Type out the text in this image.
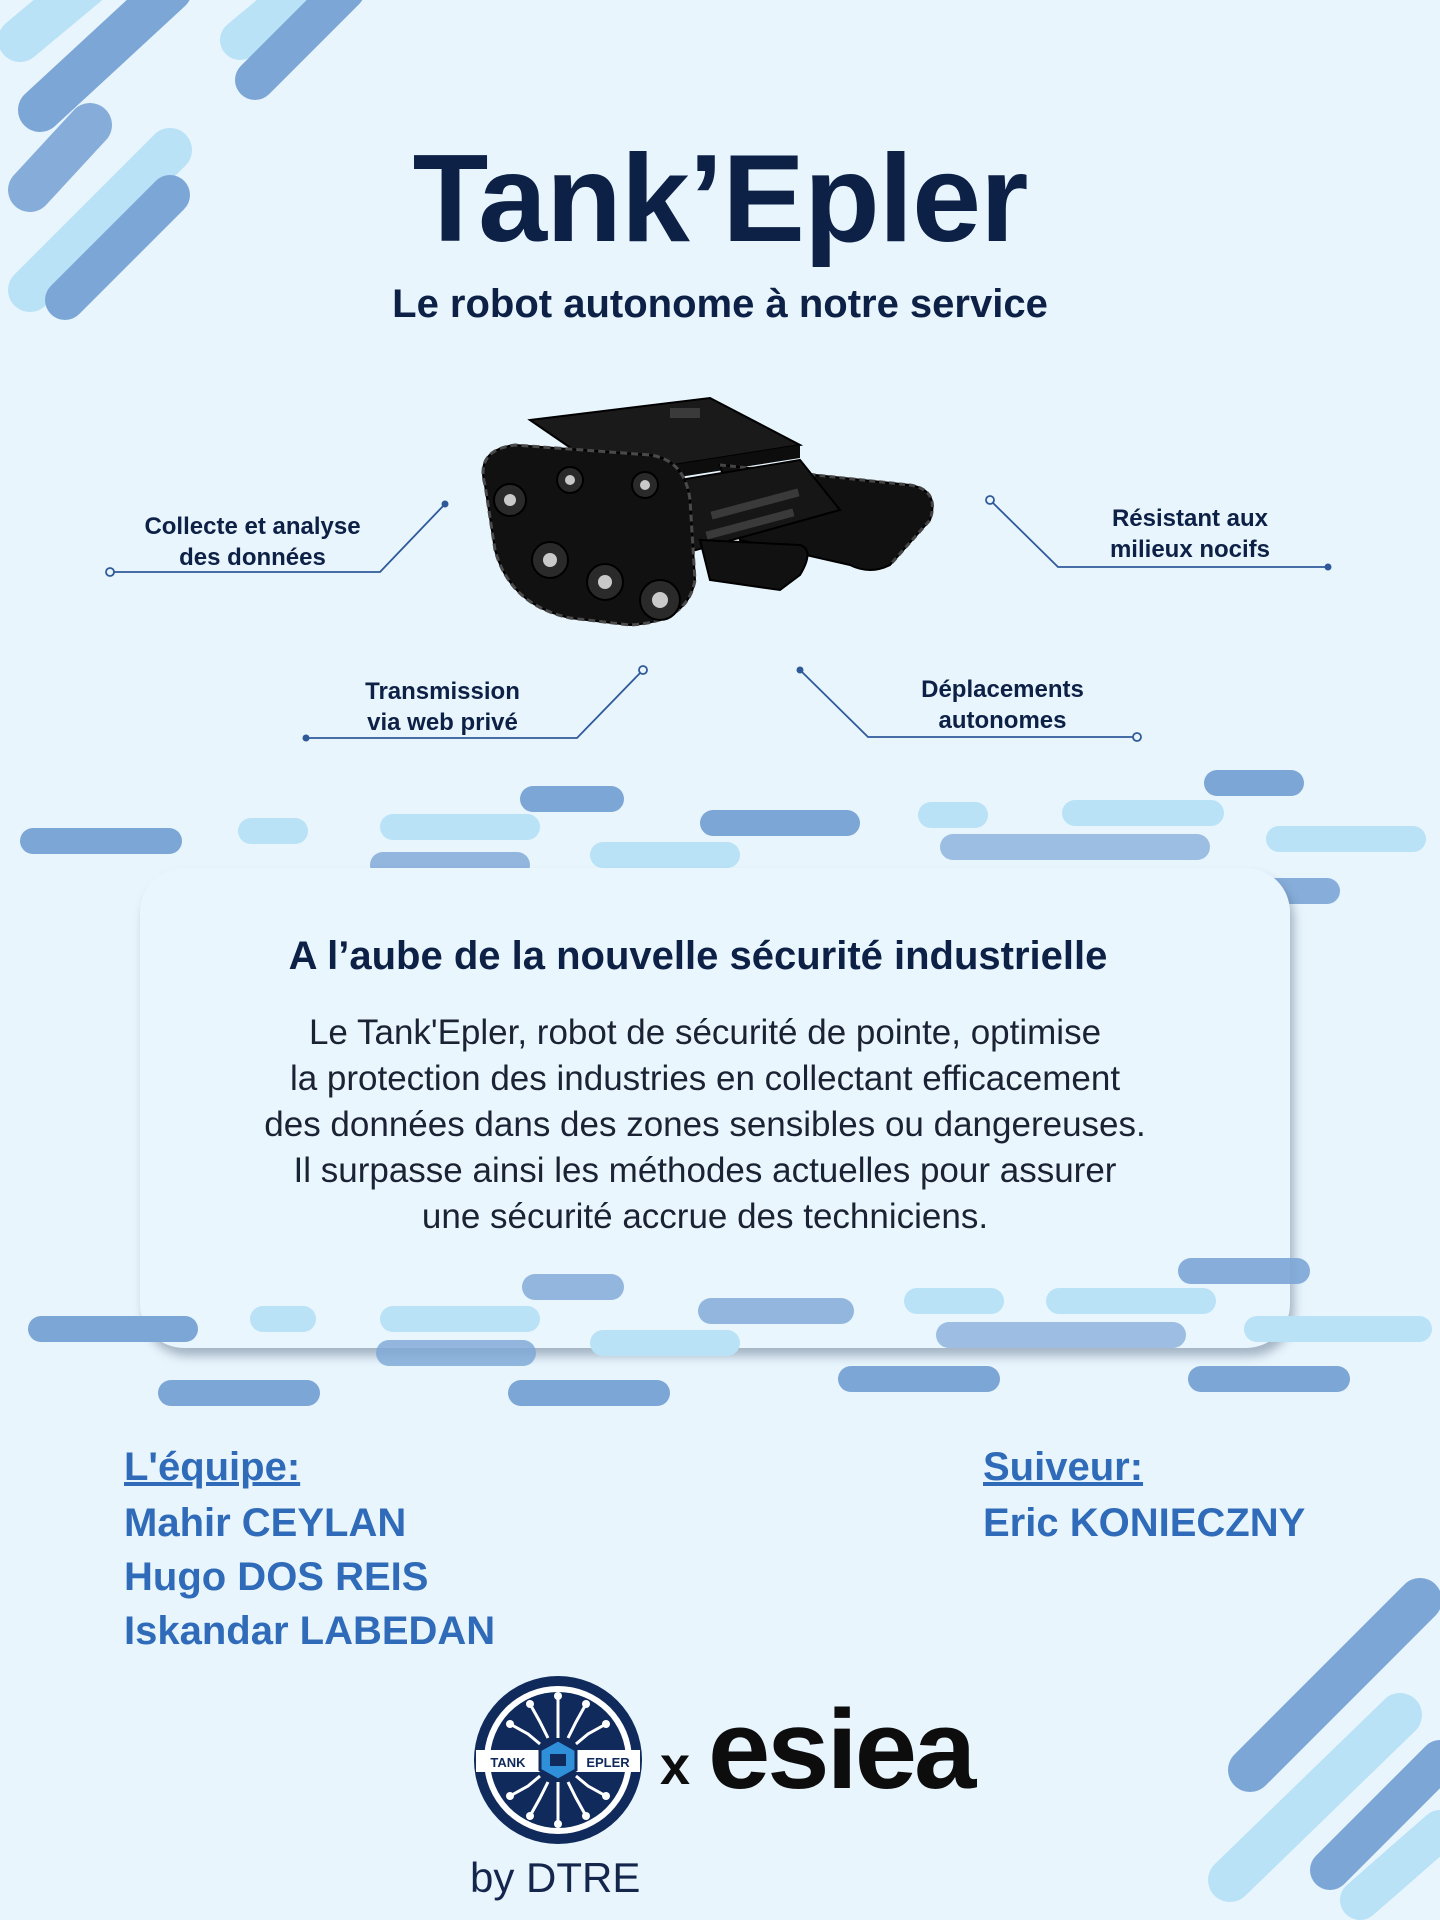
Tank’Epler
Le robot autonome à notre service
Collecte et analyse
des données
Résistant aux
milieux nocifs
Transmission
via web privé
Déplacements
autonomes
A l’aube de la nouvelle sécurité industrielle
Le Tank'Epler, robot de sécurité de pointe, optimise
la protection des industries en collectant efficacement
des données dans des zones sensibles ou dangereuses.
Il surpasse ainsi les méthodes actuelles pour assurer
une sécurité accrue des techniciens.
L'équipe:
Mahir CEYLAN
Hugo DOS REIS
Iskandar LABEDAN
Suiveur:
Eric KONIECZNY
TANK	EPLER x esiea
by DTRE
